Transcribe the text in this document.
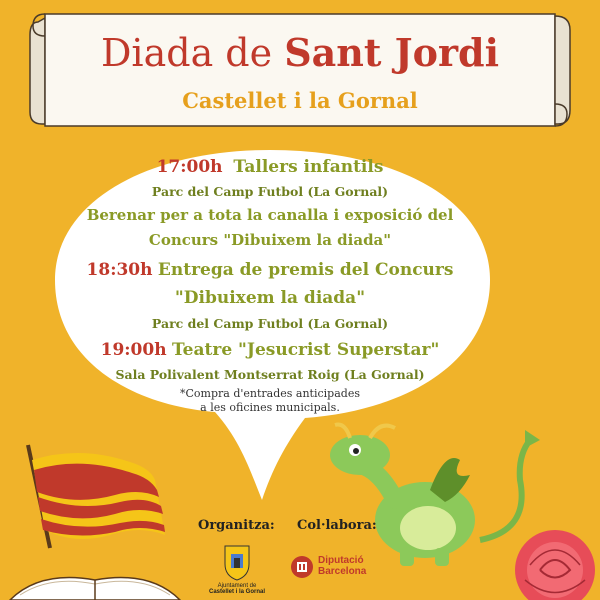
Diada de Sant Jordi
Castellet i la Gornal
17:00h Tallers infantils
Parc del Camp Futbol (La Gornal)
Berenar per a tota la canalla i exposició del
Concurs "Dibuixem la diada"
18:30h Entrega de premis del Concurs
"Dibuixem la diada"
Parc del Camp Futbol (La Gornal)
19:00h Teatre "Jesucrist Superstar"
Sala Polivalent Montserrat Roig (La Gornal)
*Compra d'entrades anticipades
a les oficines municipals.
Organitza: Col·labora:
Ajuntament de
Castellet i la Gornal
Diputació
Barcelona
